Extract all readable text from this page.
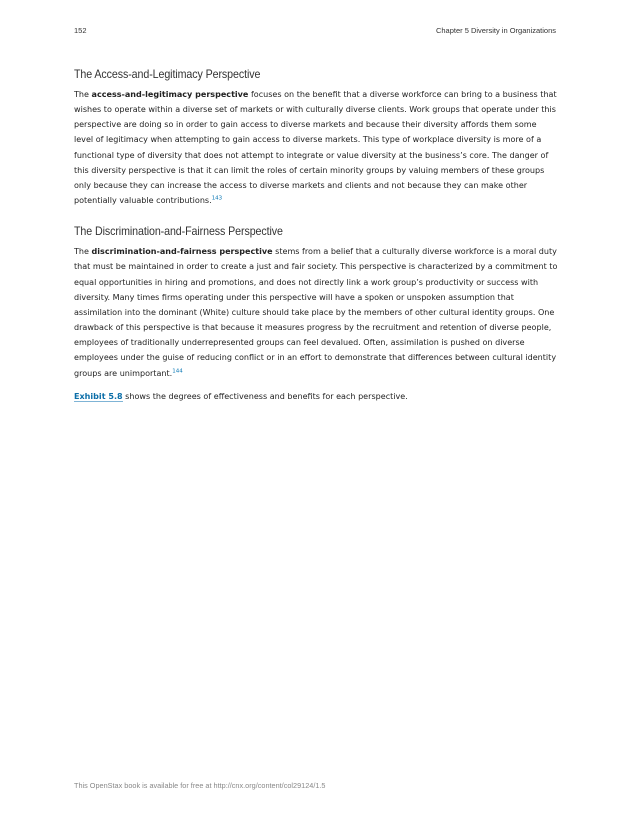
152	Chapter 5 Diversity in Organizations
The Access-and-Legitimacy Perspective

The access-and-legitimacy perspective focuses on the benefit that a diverse workforce can bring to a business that wishes to operate within a diverse set of markets or with culturally diverse clients. Work groups that operate under this perspective are doing so in order to gain access to diverse markets and because their diversity affords them some level of legitimacy when attempting to gain access to diverse markets. This type of workplace diversity is more of a functional type of diversity that does not attempt to integrate or value diversity at the business’s core. The danger of this diversity perspective is that it can limit the roles of certain minority groups by valuing members of these groups only because they can increase the access to diverse markets and clients and not because they can make other potentially valuable contributions.$^{143}$

The Discrimination-and-Fairness Perspective

The discrimination-and-fairness perspective stems from a belief that a culturally diverse workforce is a moral duty that must be maintained in order to create a just and fair society. This perspective is characterized by a commitment to equal opportunities in hiring and promotions, and does not directly link a work group’s productivity or success with diversity. Many times firms operating under this perspective will have a spoken or unspoken assumption that assimilation into the dominant (White) culture should take place by the members of other cultural identity groups. One drawback of this perspective is that because it measures progress by the recruitment and retention of diverse people, employees of traditionally underrepresented groups can feel devalued. Often, assimilation is pushed on diverse employees under the guise of reducing conflict or in an effort to demonstrate that differences between cultural identity groups are unimportant.$^{144}$

Exhibit 5.8 shows the degrees of effectiveness and benefits for each perspective.

This OpenStax book is available for free at http://cnx.org/content/col29124/1.5
